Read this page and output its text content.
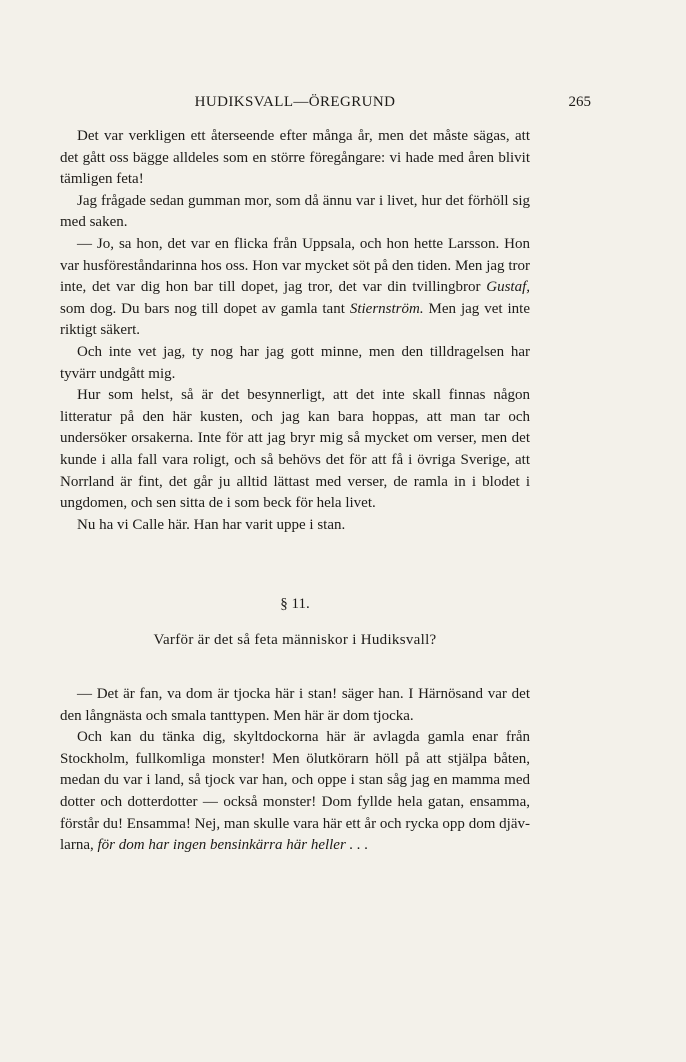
HUDIKSVALL—ÖREGRUND	265

Det var verkligen ett återseende efter många år, men det måste sägas, att det gått oss bägge alldeles som en större föregångare: vi hade med åren blivit tämligen feta!

Jag frågade sedan gumman mor, som då ännu var i livet, hur det förhöll sig med saken.

— Jo, sa hon, det var en flicka från Uppsala, och hon hette Larsson. Hon var husföreståndarinna hos oss. Hon var mycket söt på den tiden. Men jag tror inte, det var dig hon bar till dopet, jag tror, det var din tvillingbror Gustaf, som dog. Du bars nog till dopet av gamla tant Stiernström. Men jag vet inte riktigt säkert.

Och inte vet jag, ty nog har jag gott minne, men den tilldragelsen har tyvärr undgått mig.

Hur som helst, så är det besynnerligt, att det inte skall finnas någon litteratur på den här kusten, och jag kan bara hoppas, att man tar och undersöker orsakerna. Inte för att jag bryr mig så mycket om verser, men det kunde i alla fall vara roligt, och så behövs det för att få i övriga Sverige, att Norrland är fint, det går ju alltid lättast med verser, de ramla in i blodet i ungdomen, och sen sitta de i som beck för hela livet.

Nu ha vi Calle här. Han har varit uppe i stan.

§ 11.
Varför är det så feta människor i Hudiksvall?

— Det är fan, va dom är tjocka här i stan! säger han. I Härnösand var det den långnästa och smala tanttypen. Men här är dom tjocka.

Och kan du tänka dig, skyltdockorna här är avlagda gamla enar från Stockholm, fullkomliga monster! Men ölutkörarn höll på att stjälpa båten, medan du var i land, så tjock var han, och oppe i stan såg jag en mamma med dotter och dotterdotter — också monster! Dom fyllde hela gatan, ensamma, förstår du! Ensamma! Nej, man skulle vara här ett år och rycka opp dom djävlarna, för dom har ingen bensinkärra här heller . . .
